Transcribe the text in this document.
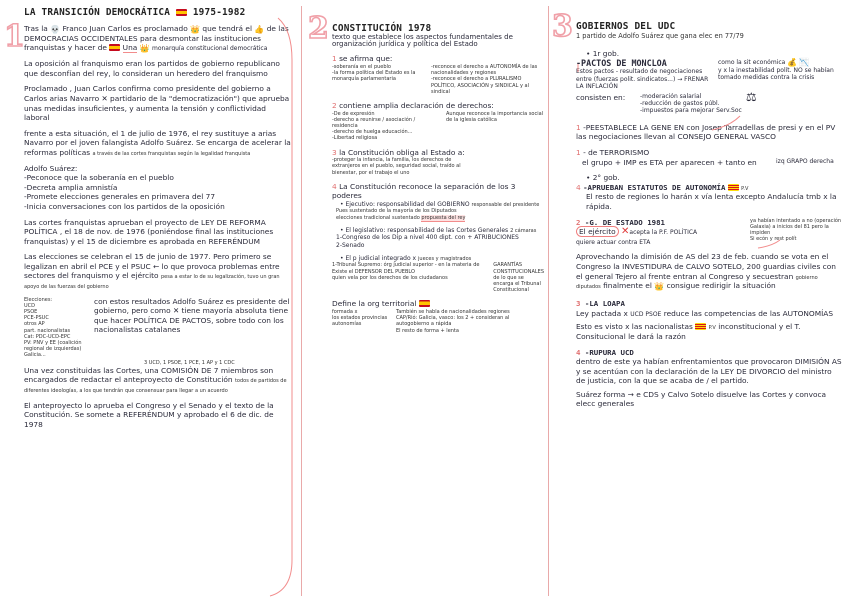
1

LA TRANSICIÓN DEMOCRÁTICA 1975-1982

Tras la 💀 Franco Juan Carlos es proclamado 👑 que tendrá el 👍 de las DEMOCRACIAS OCCIDENTALES para desmontar las instituciones franquistas y hacer de Una 👑 monarquía constitucional democrática

La oposición al franquismo eran los partidos de gobierno republicano que desconfían del rey, lo consideran un heredero del franquismo

Proclamado , Juan Carlos confirma como presidente del gobierno a Carlos arias Navarro ✕ partidario de la "democratización") que aprueba unas medidas insuficientes, y aumenta la tensión y conflictividad laboral

frente a esta situación, el 1 de julio de 1976, el rey sustituye a arias Navarro por el joven falangista Adolfo Suárez. Se encarga de acelerar la reformas políticas a través de las cortes franquistas según la legalidad franquista

Adolfo Suárez:

-Peconoce que la soberanía en el pueblo

-Decreta amplia amnistía

-Promete elecciones generales en primavera del 77

-Inicia conversaciones con los partidos de la oposición

Las cortes franquistas aprueban el proyecto de LEY DE REFORMA POLÍTICA , el 18 de nov. de 1976 (poniéndose final las instituciones franquistas) y el 15 de diciembre es aprobada en REFERÉNDUM

Las elecciones se celebran el 15 de junio de 1977. Pero primero se legalizan en abril el PCE y el PSUC ← lo que provoca problemas entre sectores del franquismo y el ejército pesa a estar lo de su legalización, tuvo un gran apoyo de las fuerzas del gobierno

Elecciones:
UCD
PSOE
PCE-PSUC
otros AP
part. nacionalistas
Cat: PDC-UCD-EPC
PV: PNV y EE (coalición regional de izquierdas)
Galicia...

con estos resultados Adolfo Suárez es presidente del gobierno, pero como ✕ tiene mayoría absoluta tiene que hacer POLÍTICA DE PACTOS, sobre todo con los nacionalistas catalanes

3 UCD, 1 PSOE, 1 PCE, 1 AP y 1 CDC

Una vez constituidas las Cortes, una COMISIÓN DE 7 miembros son encargados de redactar el anteproyecto de Constitución todos de partidos de diferentes ideologías, a los que tendrán que consensuar para llegar a un acuerdo

El anteproyecto lo aprueba el Congreso y el Senado y el texto de la Constitución. Se somete a REFERÉNDUM y aprobado el 6 de dic. de 1978

2 CONSTITUCIÓN 1978

texto que establece los aspectos fundamentales de organización jurídica y política del Estado

1 se afirma que:

-soberanía en el pueblo
-la forma política del Estado es la monarquía parlamentaria
-reconoce el derecho a AUTONOMÍA de las nacionalidades y regiones
-reconoce el derecho a PLURALISMO POLÍTICO, ASOCIACIÓN y SINDICAL y al sindical

2 contiene amplia declaración de derechos:

-De de expresión
-derecho a reunirse / asociación / residencia
-derecho de huelga educación...
-Libertad religiosa
Aunque reconoce la importancia social de la iglesia católica

3 la Constitución obliga al Estado a:

-proteger la infancia, la familia, los derechos de extranjeros en el pueblo, seguridad social, traído al bienestar, por el trabajo el uno

4 La Constitución reconoce la separación de los 3 poderes

• Ejecutivo: responsabilidad del GOBIERNO responsable del presidente

Pues sustentado de la mayoría de los Diputados

elecciones tradicional sustentado propuesta del rey

• El legislativo: responsabilidad de las Cortes Generales 2 cámaras

1-Congreso de los Dip a nivel 400 dipt. con + ATRIBUCIONES

2-Senado

• El p judicial integrado x jueces y magistrados

1-Tribunal Supremo: órg judicial superior - en la materia de
Existe el DEFENSOR DEL PUEBLO
quien vela por los derechos de los ciudadanos
GARANTÍAS CONSTITUCIONALES
de lo que se encarga el Tribunal Constitucional

Define la org territorial

formada x
los estados provincias autonomías
También se habla de nacionalidades regiones
CAP/Rió: Galicia, vasco: los 2 + consideran al autogobierno a rápida
El resto de forma + lenta
3 GOBIERNOS DEL UDC

1 partido de Adolfo Suárez que gana elec en 77/79

• 1r gob.

-PACTOS DE MONCLOA

Estos pactos - resultado de negociaciones entre (fuerzas polit. sindicatos...) → FRENAR LA INFLACIÓN

como la sit económica 💰 📉
y x la inestabilidad polít. NO se habían tomado medidas contra la crisis

consisten en:	-moderación salarial
-reducción de gastos públ.
-impuestos para mejorar Serv.Soc
⚖

1 -PEESTABLECE LA GENE EN con Josep Tarradellas de presi y en el PV las negociaciones llevan al CONSEJO GENERAL VASCO

1 - de TERRORISMO

el grupo + IMP es ETA per aparecen + tanto en	izq GRAPO derecha

• 2° gob.

4 -APRUEBAN ESTATUTOS DE AUTONOMÍA	P.V

El resto de regiones lo harán x vía lenta excepto Andalucía tmb x la rápida.

2 -G. DE ESTADO 1981

El ejército ✕acepta la P.F. POLÍTICA
quiere actuar contra ETA

ya habían intentado a no (operación Galaxia) a inicios del 81 pero la impiden
Si ecón y rest polít

Aprovechando la dimisión de AS del 23 de feb. cuando se vota en el Congreso la INVESTIDURA de CALVO SOTELO, 200 guardias civiles con el general Tejero al frente entran al Congreso y secuestran gobierno diputados finalmente el 👑 consigue redirigir la situación

3 -LA LOAPA

Ley pactada x UCD PSOE reduce las competencias de las AUTONOMÍAS

Esto es visto x las nacionalistas	P.V inconstitucional y el T. Consitucional le dará la razón

4 -RUPURA UCD

dentro de este ya habían enfrentamientos que provocaron DIMISIÓN AS y se acentúan con la declaración de la LEY DE DIVORCIO del ministro de justicia, con la que se acaba de / el partido.

Suárez forma → e CDS y Calvo Sotelo disuelve las Cortes y convoca elecc generales
